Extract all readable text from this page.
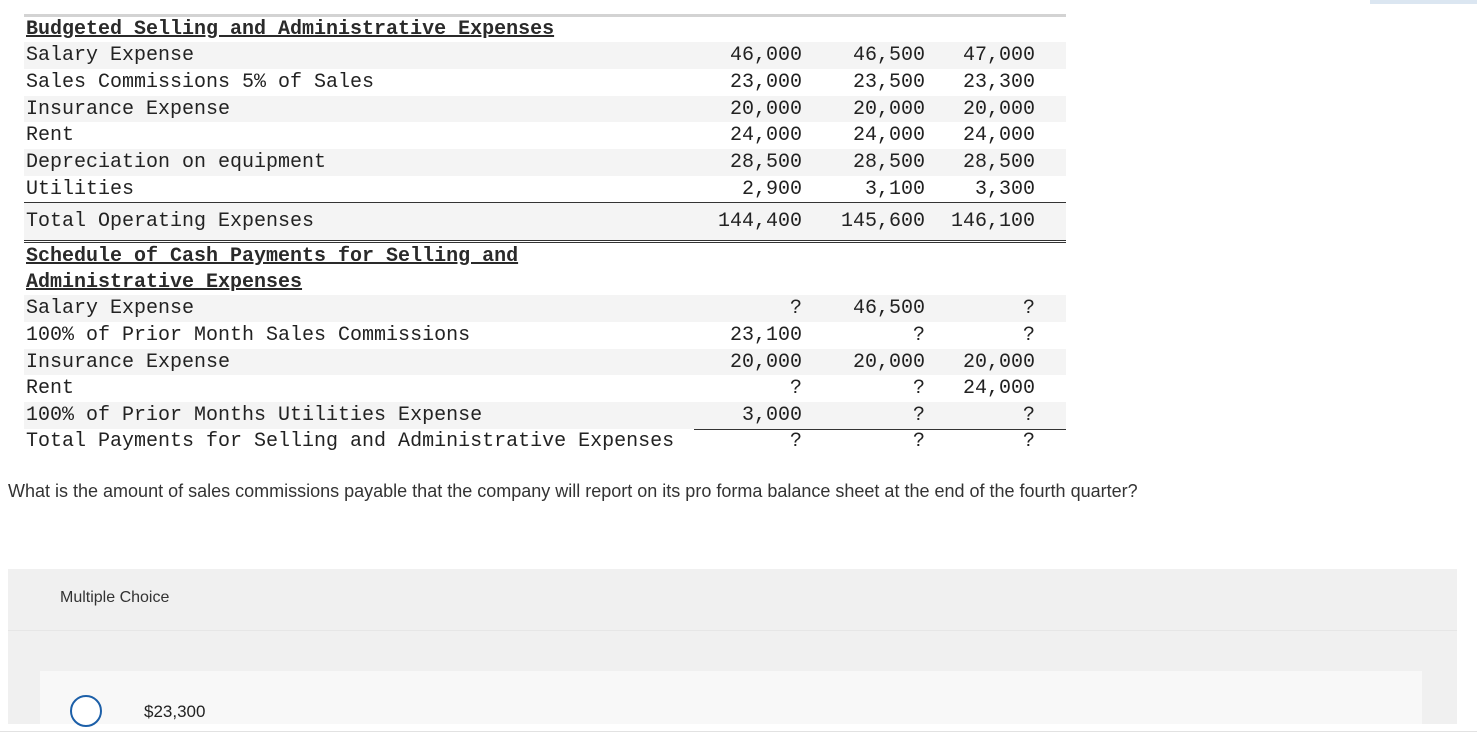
Budgeted Selling and Administrative Expenses
Salary Expense	46,000	46,500	47,000
Sales Commissions 5% of Sales	23,000	23,500	23,300
Insurance Expense	20,000	20,000	20,000
Rent	24,000	24,000	24,000
Depreciation on equipment	28,500	28,500	28,500
Utilities	2,900	3,100	3,300
Total Operating Expenses	144,400	145,600	146,100
Schedule of Cash Payments for Selling and
Administrative Expenses
Salary Expense	?	46,500	?
100% of Prior Month Sales Commissions	23,100	?	?
Insurance Expense	20,000	20,000	20,000
Rent	?	?	24,000
100% of Prior Months Utilities Expense	3,000	?	?
Total Payments for Selling and Administrative Expenses	?	?	?
What is the amount of sales commissions payable that the company will report on its pro forma balance sheet at the end of the fourth quarter?
Multiple Choice
$23,300
